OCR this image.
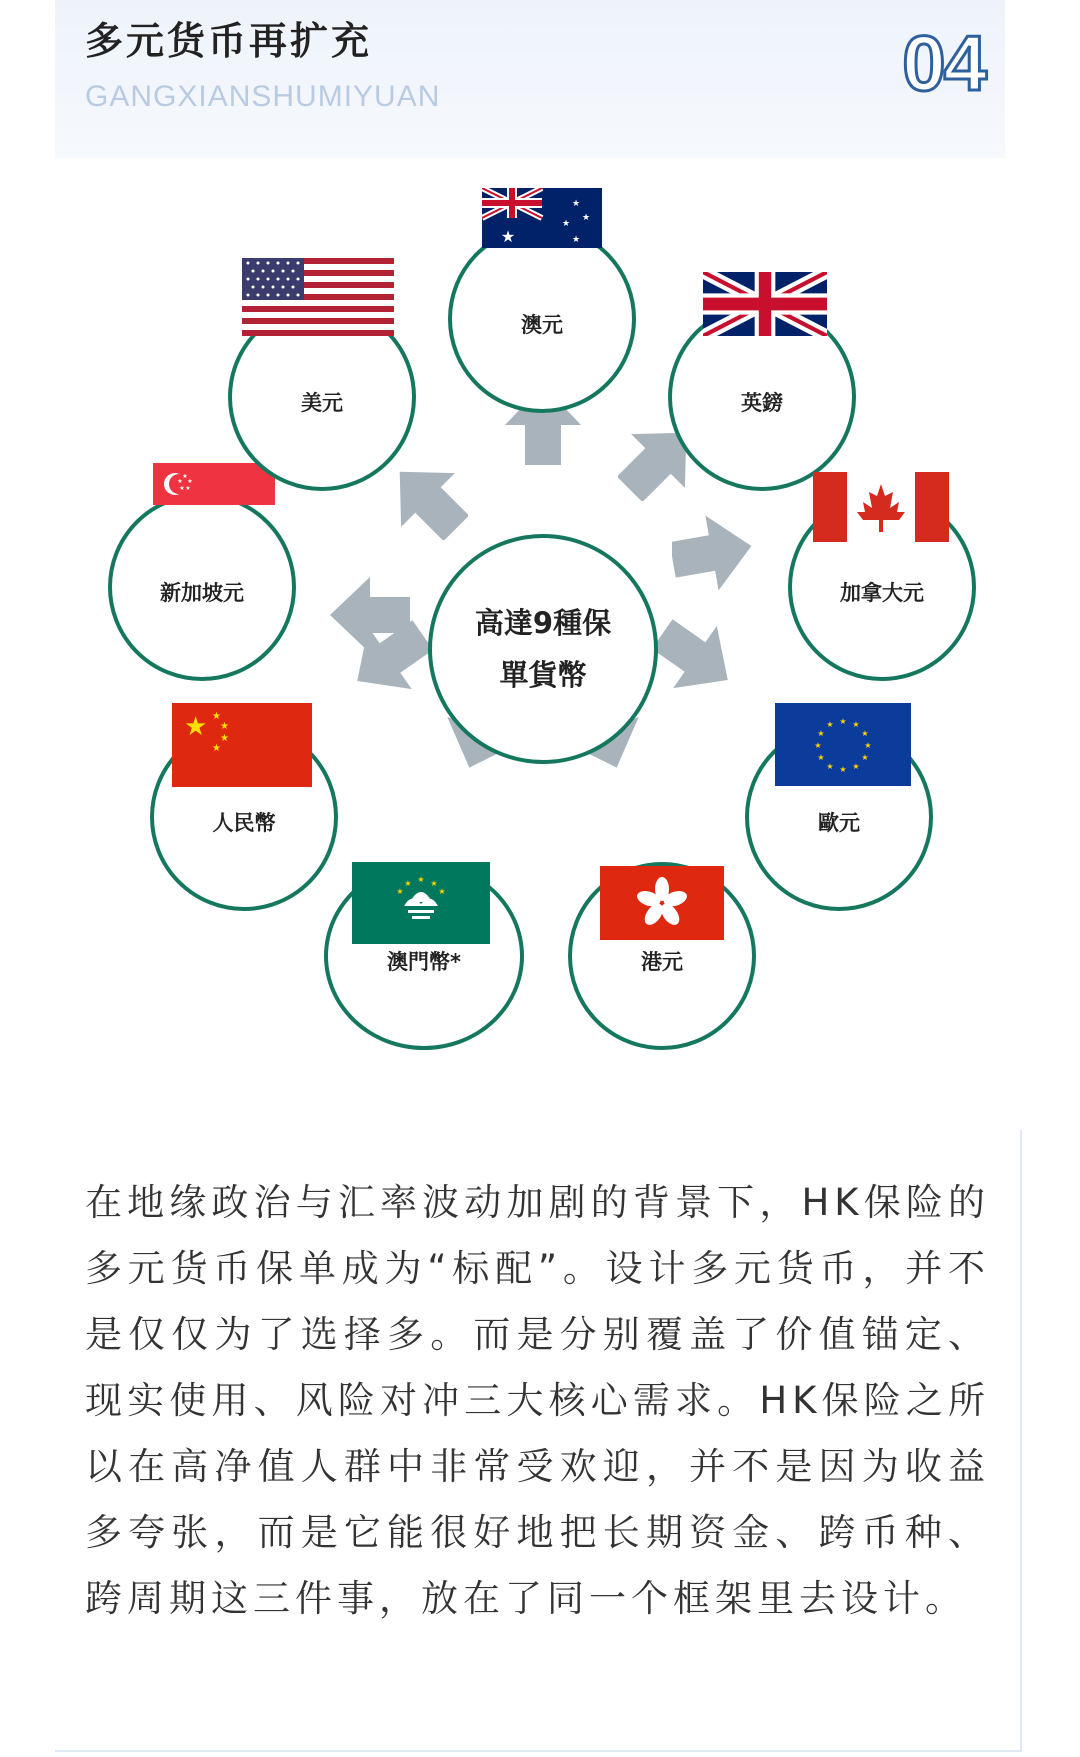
多元货币再扩充
GANGXIANSHUMIYUAN	04
高達9種保
單貨幣
澳元
★
★
★
★
★
英鎊
加拿大元
歐元
★ ★
★
★
★
★
★
★
★
★
★
★
港元
澳門幣*
★
★ ★
★	★
人民幣
★ ★
★
★
★
新加坡元
★
★
★
★
★
美元
在地缘政治与汇率波动加剧的背景下，HK保险的多元货币保单成为“标配”。设计多元货币，并不是仅仅为了选择多。而是分别覆盖了价值锚定、现实使用、风险对冲三大核心需求。HK保险之所以在高净值人群中非常受欢迎，并不是因为收益多夸张，而是它能很好地把长期资金、跨币种、跨周期这三件事，放在了同一个框架里去设计。
